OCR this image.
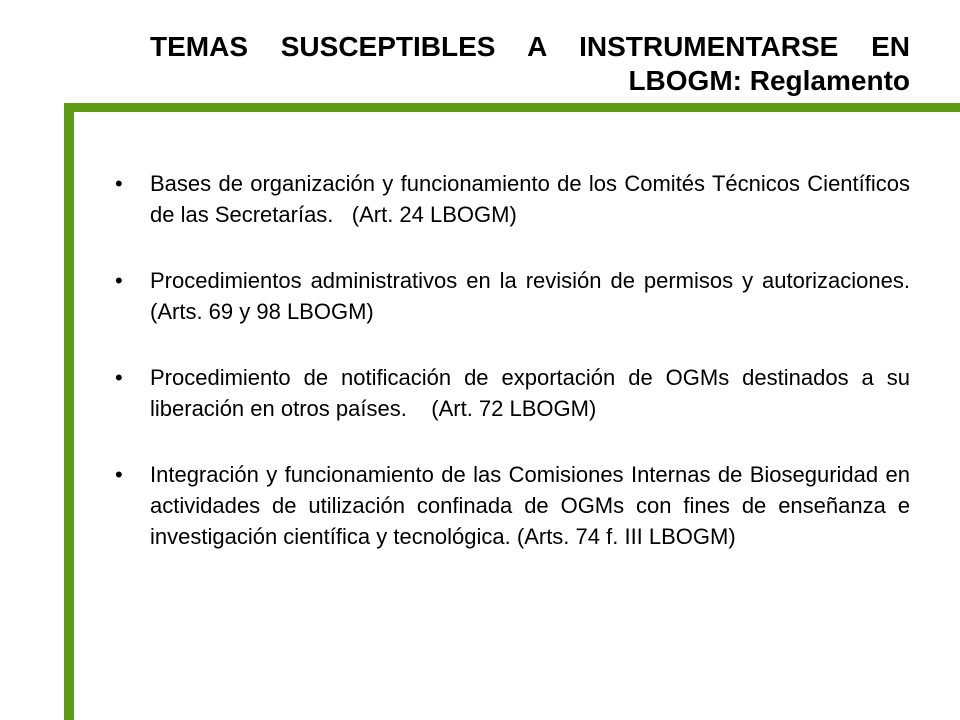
TEMAS SUSCEPTIBLES A INSTRUMENTARSE EN LBOGM: Reglamento
• Bases de organización y funcionamiento de los Comités Técnicos Científicos de las Secretarías.   (Art. 24 LBOGM)
• Procedimientos administrativos en la revisión de permisos y autorizaciones. (Arts. 69 y 98 LBOGM)
• Procedimiento de notificación de exportación de OGMs destinados a su liberación en otros países.    (Art. 72 LBOGM)
• Integración y funcionamiento de las Comisiones Internas de Bioseguridad en actividades de utilización confinada de OGMs con fines de enseñanza e investigación científica y tecnológica. (Arts. 74 f. III LBOGM)
